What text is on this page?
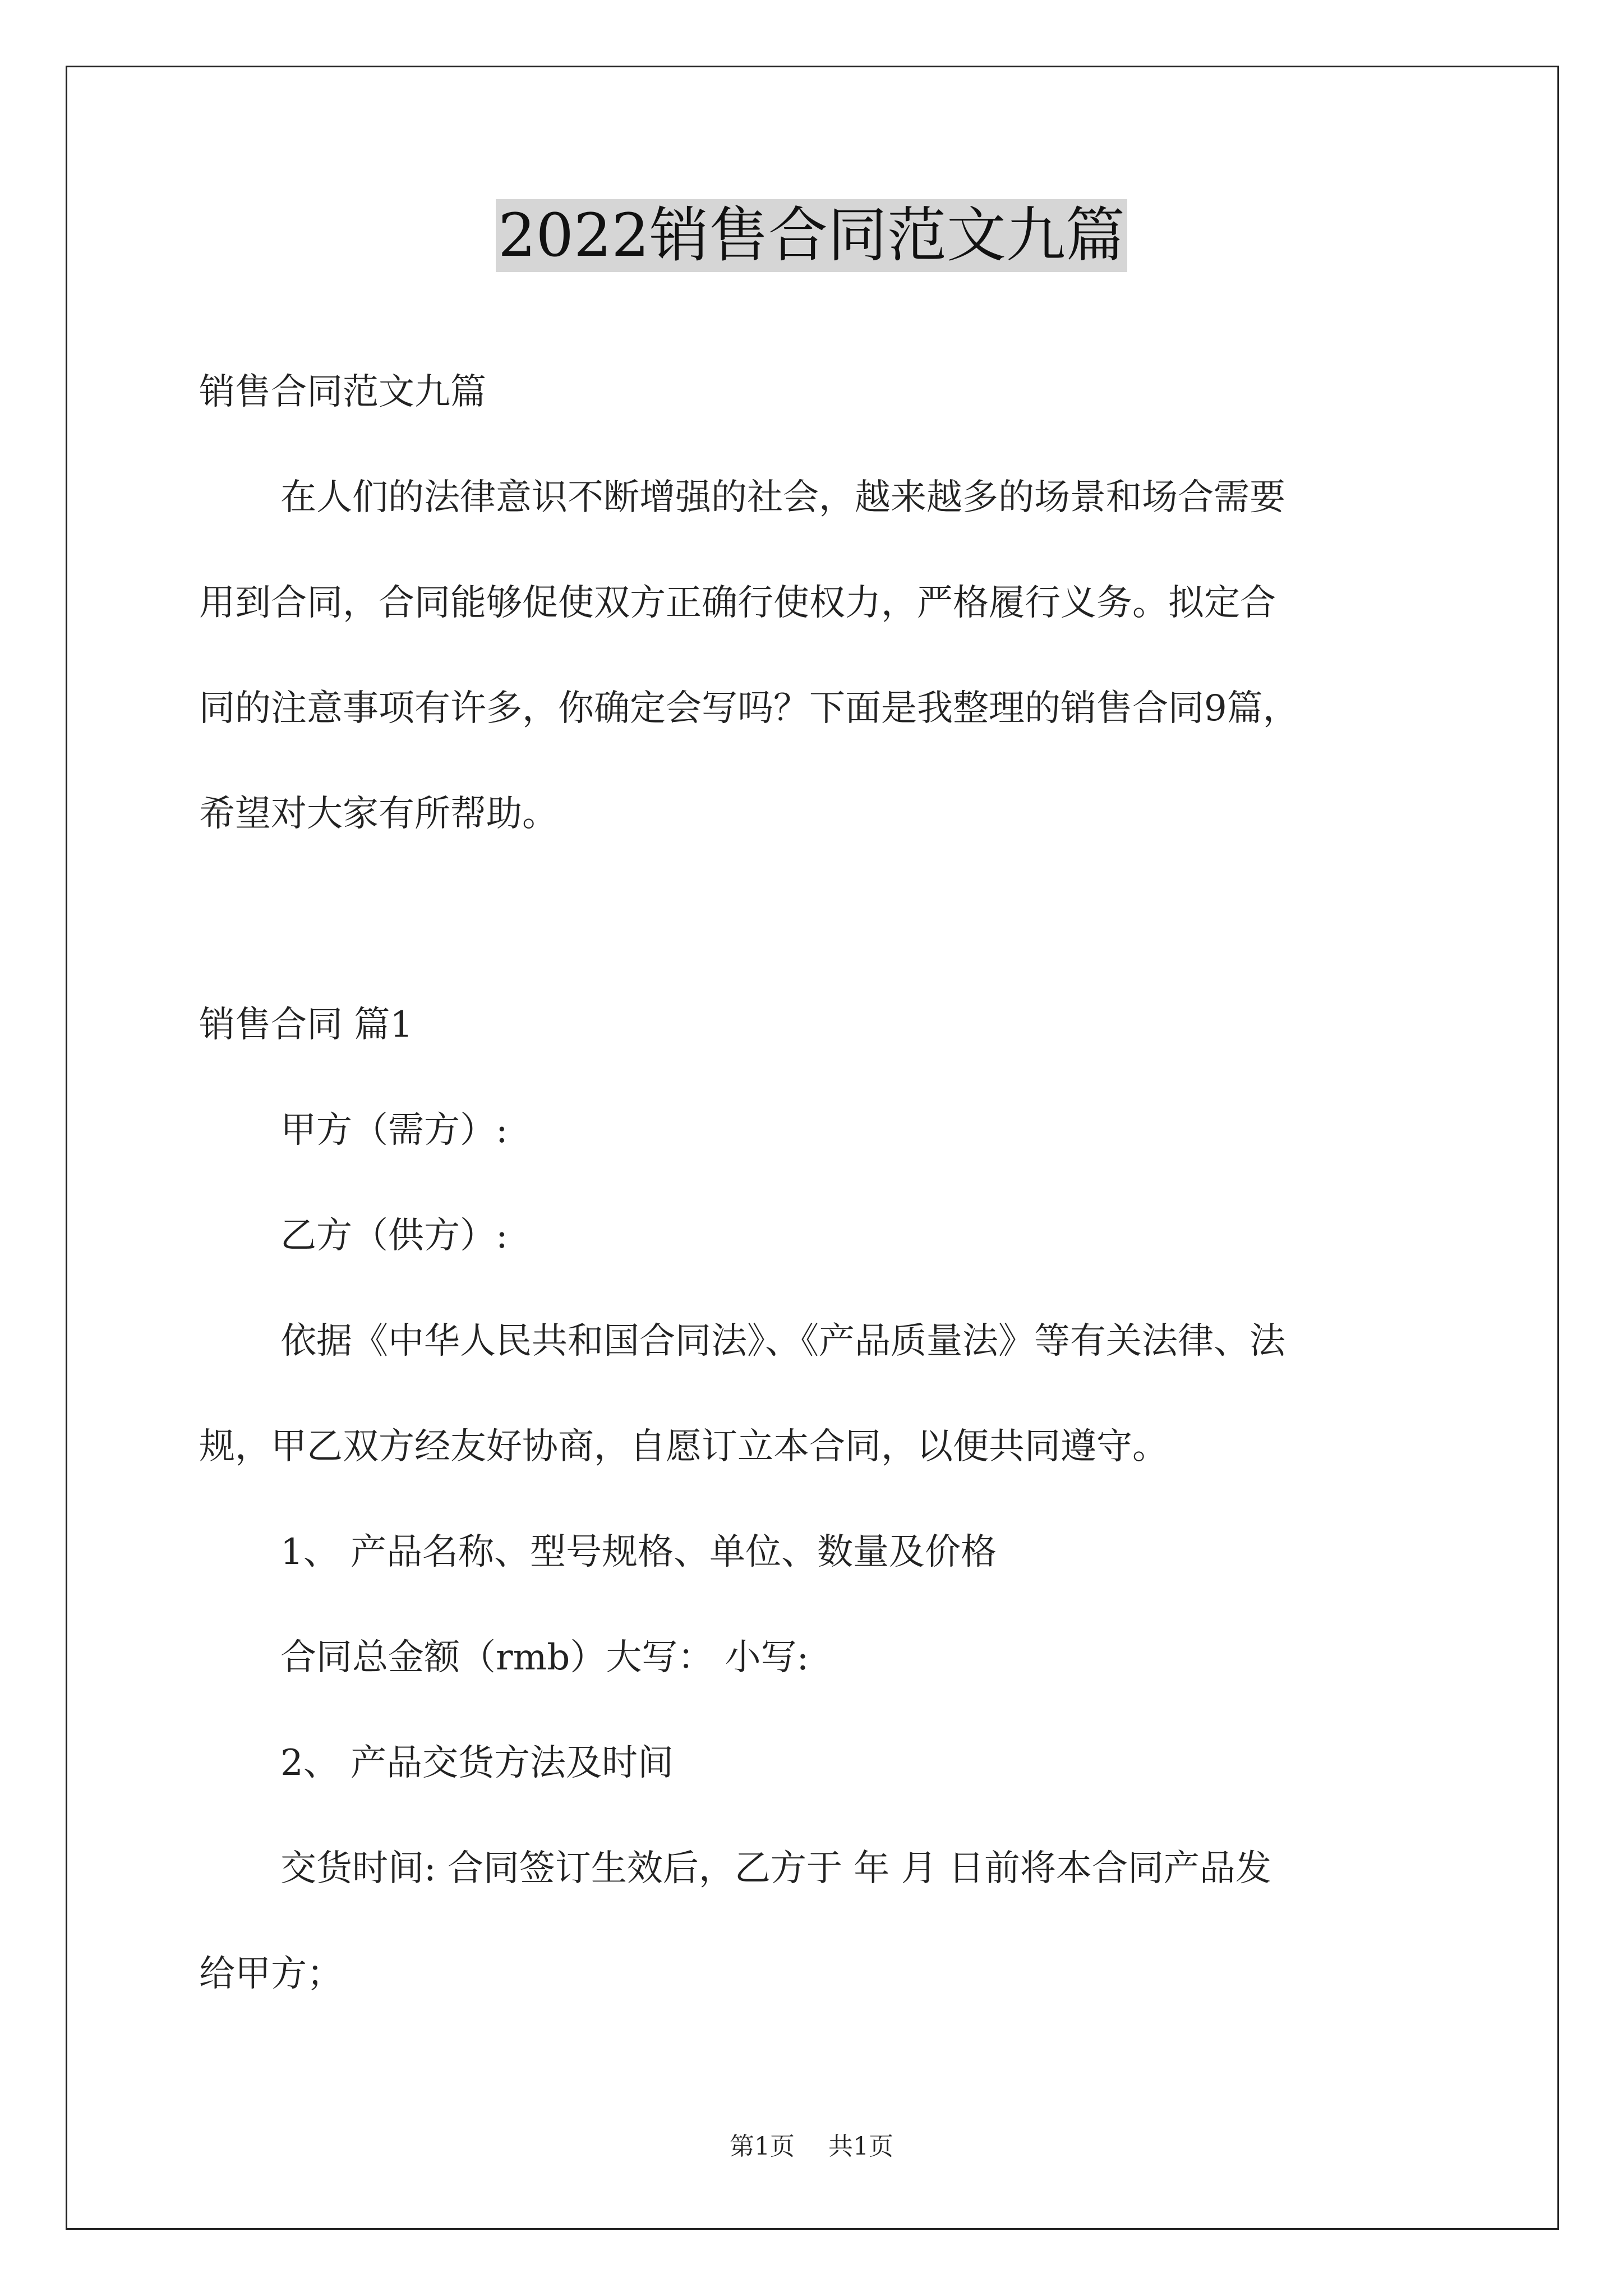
2022销售合同范文九篇

销售合同范文九篇

在人们的法律意识不断增强的社会，越来越多的场景和场合需要

用到合同，合同能够促使双方正确行使权力，严格履行义务。拟定合

同的注意事项有许多，你确定会写吗？下面是我整理的销售合同9篇，

希望对大家有所帮助。

销售合同 篇1

甲方（需方）:

乙方（供方）:

依据《中华人民共和国合同法》、《产品质量法》等有关法律、法

规，甲乙双方经友好协商，自愿订立本合同，以便共同遵守。

1、 产品名称、型号规格、单位、数量及价格

合同总金额（rmb）大写： 小写:

2、 产品交货方法及时间

交货时间: 合同签订生效后，乙方于 年 月 日前将本合同产品发

给甲方；

第1页 共1页
